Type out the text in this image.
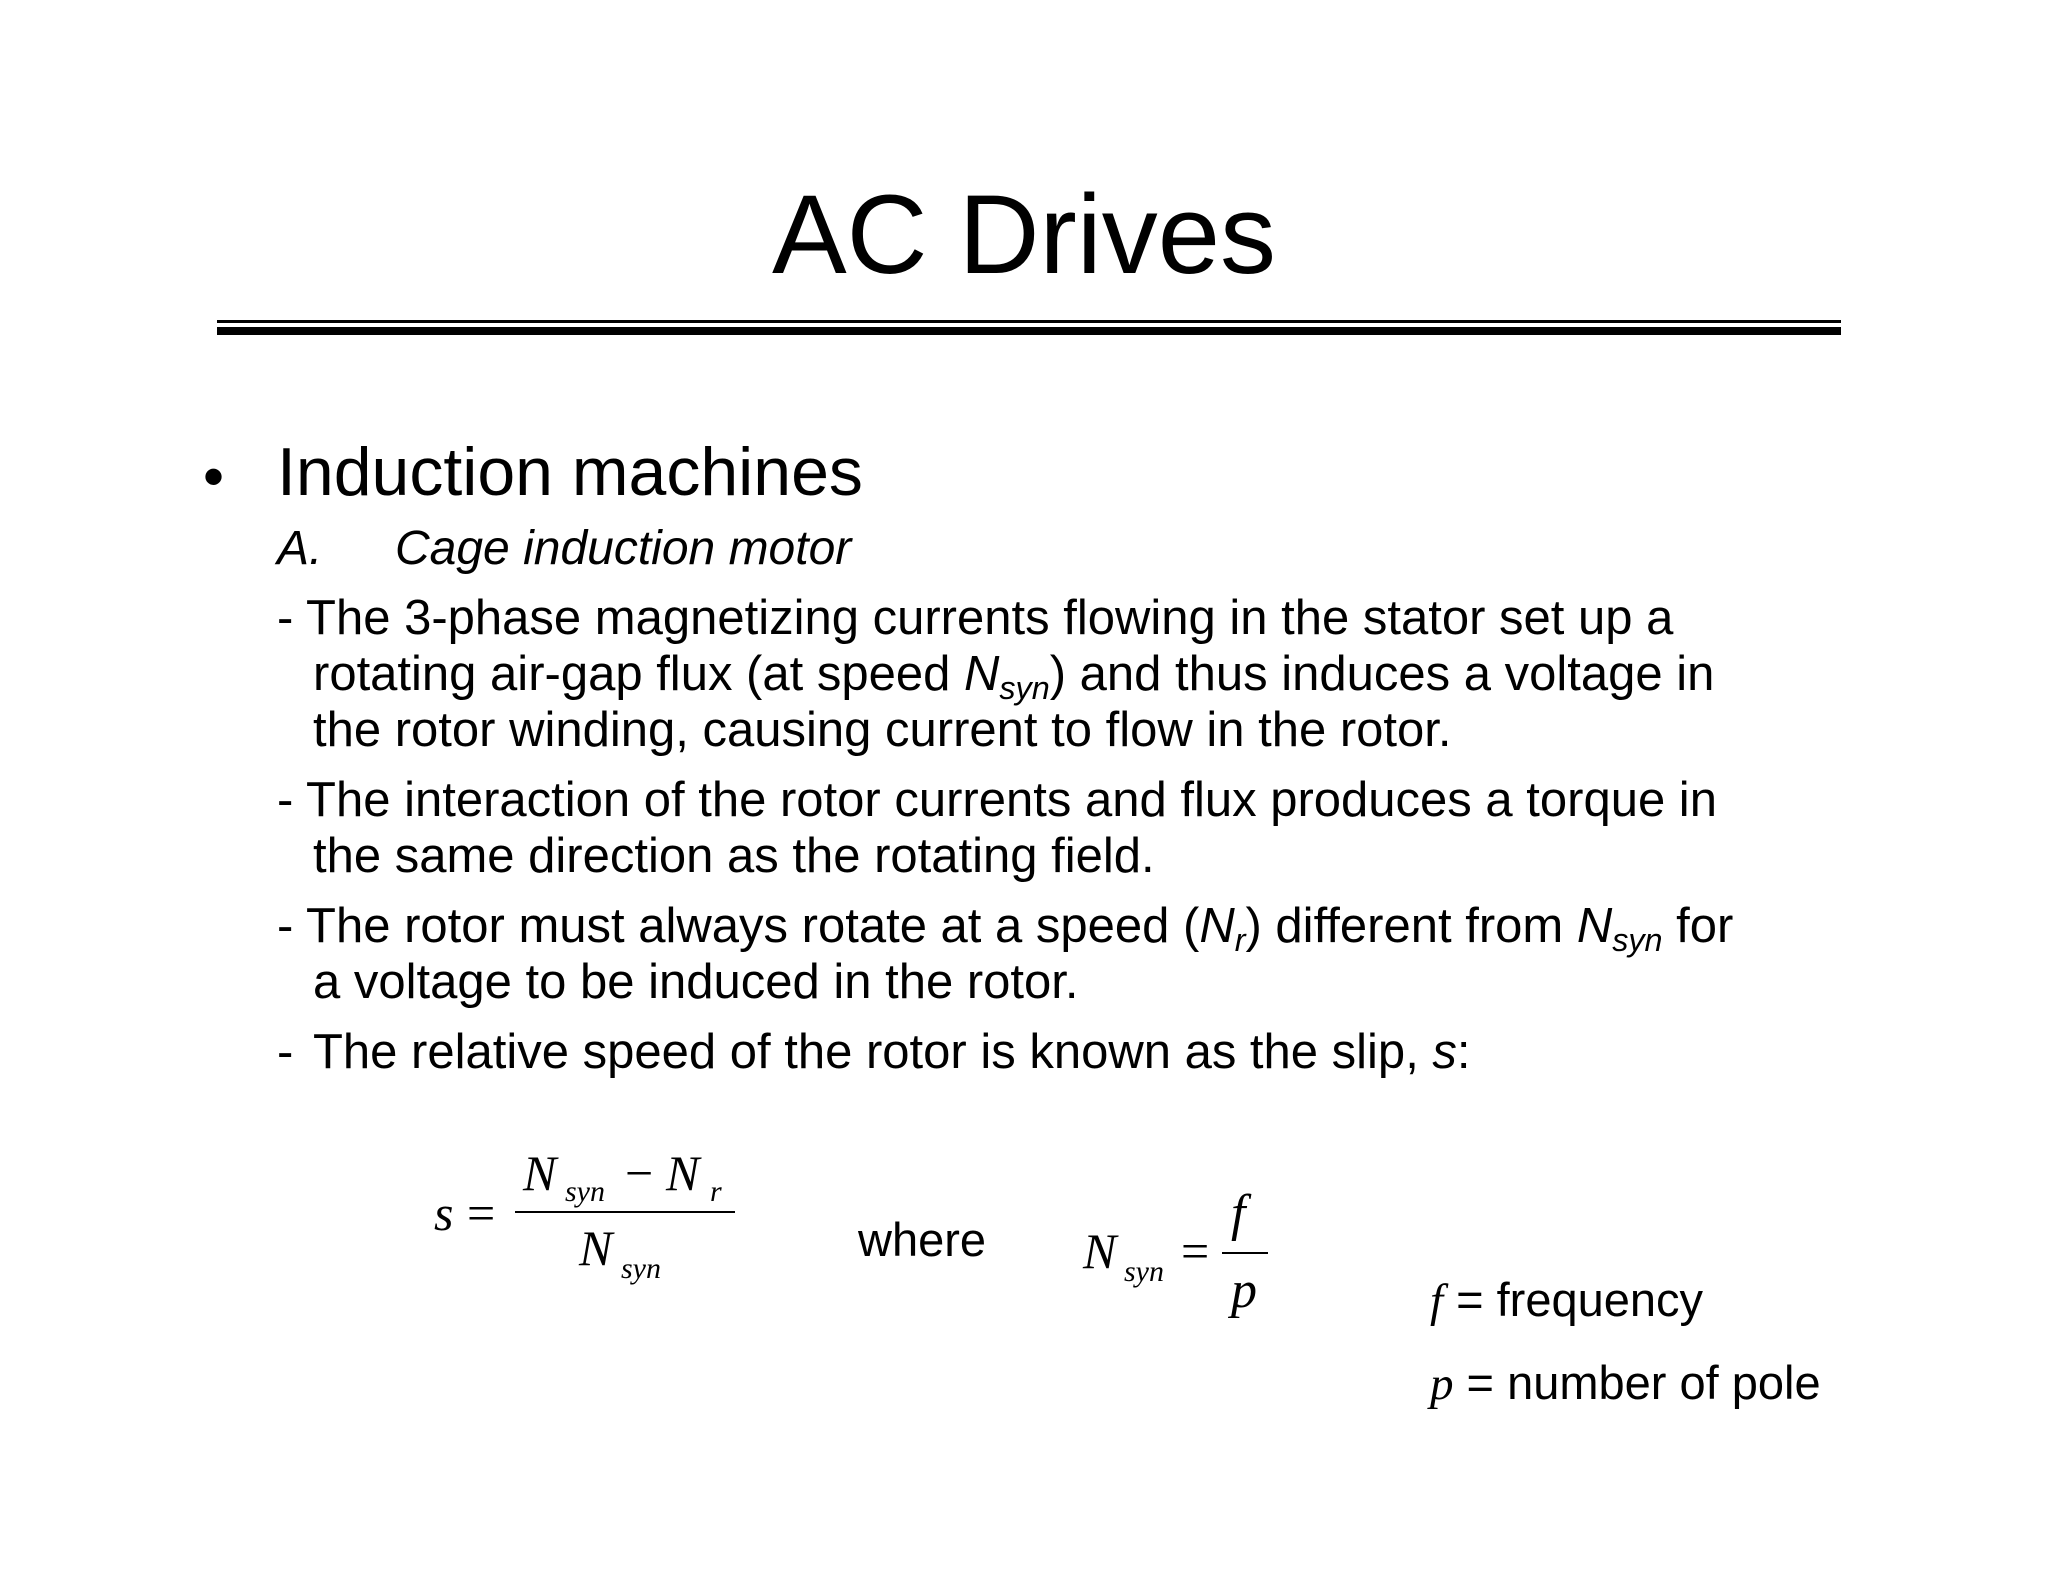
AC Drives
• Induction machines
A. Cage induction motor
- The 3-phase magnetizing currents flowing in the stator set up a
rotating air-gap flux (at speed $N_{syn}$) and thus induces a voltage in
the rotor winding, causing current to flow in the rotor.
- The interaction of the rotor currents and flux produces a torque in
the same direction as the rotating field.
- The rotor must always rotate at a speed $(N_r)$ different from $N_{syn}$ for
a voltage to be induced in the rotor.
- The relative speed of the rotor is known as the slip, s:
s =
N syn − N r
N syn
where N syn =
f
p	f = frequency
p = number of pole
